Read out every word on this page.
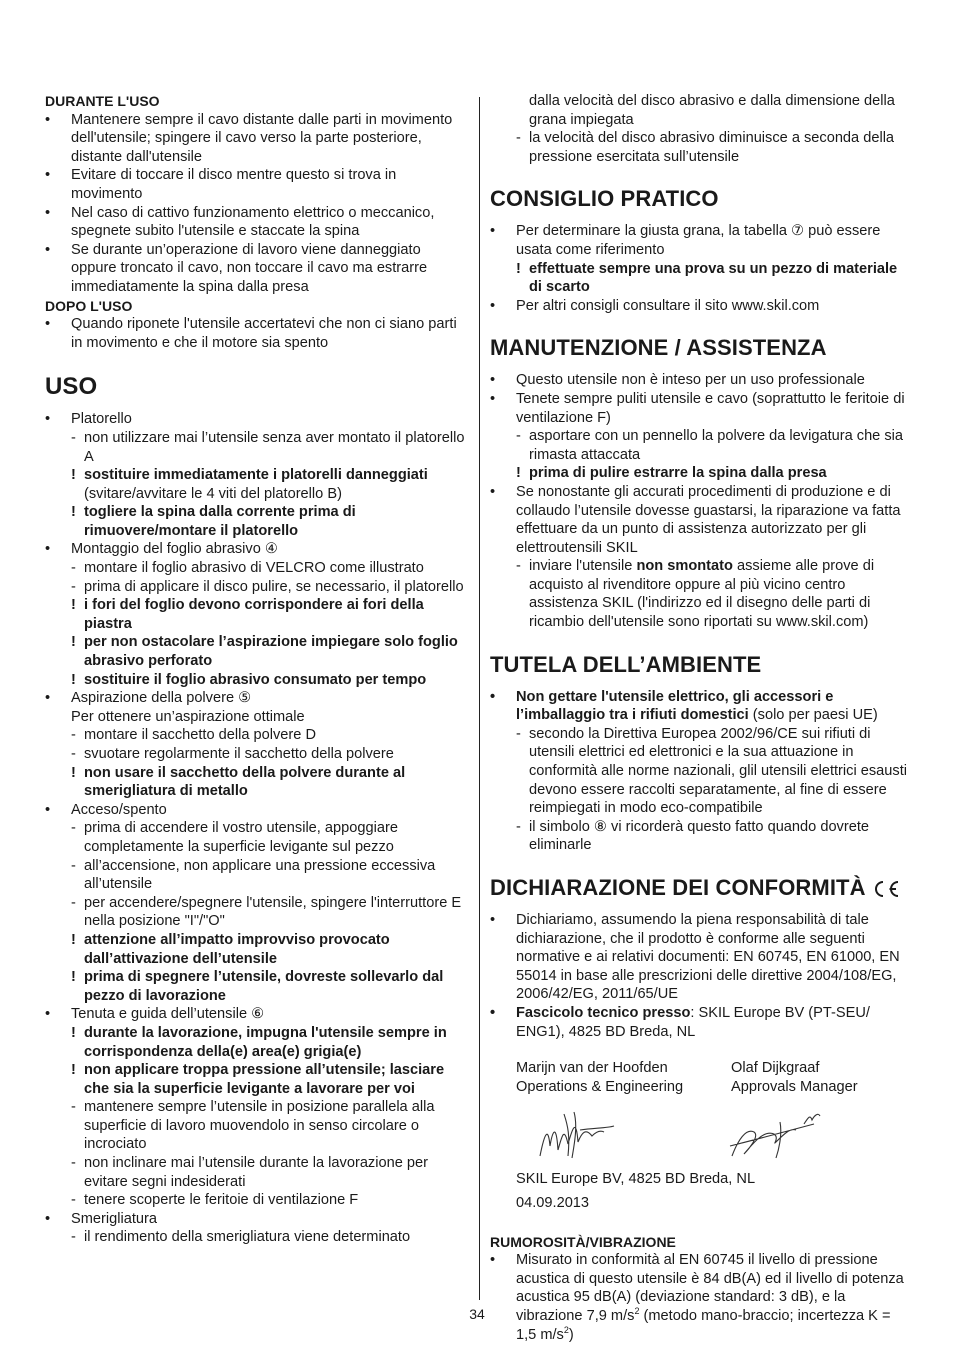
DURANTE L'USO

•	Mantenere sempre il cavo distante dalle parti in movimento dell'utensile; spingere il cavo verso la parte posteriore, distante dall'utensile
•	Evitare di toccare il disco mentre questo si trova in movimento
•	Nel caso di cattivo funzionamento elettrico o meccanico, spegnete subito l'utensile e staccate la spina
•	Se durante un’operazione di lavoro viene danneggiato oppure troncato il cavo, non toccare il cavo ma estrarre immediatamente la spina dalla presa

DOPO L'USO

•	Quando riponete l'utensile accertatevi che non ci siano parti in movimento e che il motore sia spento
USO
•	Platorello
- non utilizzare mai l’utensile senza aver montato il platorello A
! sostituire immediatamente i platorelli danneggiati (svitare/avvitare le 4 viti del platorello B)
! togliere la spina dalla corrente prima di rimuovere/montare il platorello
•	Montaggio del foglio abrasivo ④
- montare il foglio abrasivo di VELCRO come illustrato
- prima di applicare il disco pulire, se necessario, il platorello
! i fori del foglio devono corrispondere ai fori della piastra
! per non ostacolare l’aspirazione impiegare solo foglio abrasivo perforato
! sostituire il foglio abrasivo consumato per tempo
•	Aspirazione della polvere ⑤
Per ottenere un’aspirazione ottimale
- montare il sacchetto della polvere D
- svuotare regolarmente il sacchetto della polvere
! non usare il sacchetto della polvere durante al smerigliatura di metallo
•	Acceso/spento
- prima di accendere il vostro utensile, appoggiare completamente la superficie levigante sul pezzo
- all’accensione, non applicare una pressione eccessiva all’utensile
- per accendere/spegnere l'utensile, spingere l'interruttore E nella posizione "I"/"O"
! attenzione all’impatto improvviso provocato dall’attivazione dell’utensile
! prima di spegnere l’utensile, dovreste sollevarlo dal pezzo di lavorazione
•	Tenuta e guida dell’utensile ⑥
! durante la lavorazione, impugna l'utensile sempre in corrispondenza della(e) area(e) grigia(e)
! non applicare troppa pressione all’utensile; lasciare che sia la superficie levigante a lavorare per voi
- mantenere sempre l’utensile in posizione parallela alla superficie di lavoro muovendolo in senso circolare o incrociato
- non inclinare mai l’utensile durante la lavorazione per evitare segni indesiderati
- tenere scoperte le feritoie di ventilazione F
•	Smerigliatura
- il rendimento della smerigliatura viene determinato
dalla velocità del disco abrasivo e dalla dimensione della grana impiegata
- la velocità del disco abrasivo diminuisce a seconda della pressione esercitata sull’utensile
CONSIGLIO PRATICO
•	Per determinare la giusta grana, la tabella ⑦ può essere usata come riferimento
! effettuate sempre una prova su un pezzo di materiale di scarto
•	Per altri consigli consultare il sito www.skil.com
MANUTENZIONE / ASSISTENZA
•	Questo utensile non è inteso per un uso professionale
•	Tenete sempre puliti utensile e cavo (soprattutto le feritoie di ventilazione F)
- asportare con un pennello la polvere da levigatura che sia rimasta attaccata
! prima di pulire estrarre la spina dalla presa
•	Se nonostante gli accurati procedimenti di produzione e di collaudo l’utensile dovesse guastarsi, la riparazione va fatta effettuare da un punto di assistenza autorizzato per gli elettroutensili SKIL
- inviare l'utensile non smontato assieme alle prove di acquisto al rivenditore oppure al più vicino centro assistenza SKIL (l'indirizzo ed il disegno delle parti di ricambio dell'utensile sono riportati su www.skil.com)
TUTELA DELL’AMBIENTE
•	Non gettare l'utensile elettrico, gli accessori e l’imballaggio tra i rifiuti domestici (solo per paesi UE)
- secondo la Direttiva Europea 2002/96/CE sui rifiuti di utensili elettrici ed elettronici e la sua attuazione in conformità alle norme nazionali, glil utensili elettrici esausti devono essere raccolti separatamente, al fine di essere reimpiegati in modo eco-compatibile
- il simbolo ⑧ vi ricorderà questo fatto quando dovrete eliminarle
DICHIARAZIONE DEI CONFORMITÀ
•	Dichiariamo, assumendo la piena responsabilità di tale dichiarazione, che il prodotto è conforme alle seguenti normative e ai relativi documenti: EN 60745, EN 61000, EN 55014 in base alle prescrizioni delle direttive 2004/108/EG, 2006/42/EG, 2011/65/UE
•	Fascicolo tecnico presso: SKIL Europe BV (PT-SEU/ ENG1), 4825 BD Breda, NL
Marijn van der Hoofden	Olaf Dijkgraaf
Operations & Engineering	Approvals Manager
SKIL Europe BV, 4825 BD Breda, NL
04.09.2013

RUMOROSITÀ/VIBRAZIONE

•	Misurato in conformità al EN 60745 il livello di pressione acustica di questo utensile è 84 dB(A) ed il livello di potenza acustica 95 dB(A) (deviazione standard: 3 dB), e la vibrazione 7,9 $m/s^2$ (metodo mano-braccio; incertezza K = 1,5 $m/s^2$)
34
